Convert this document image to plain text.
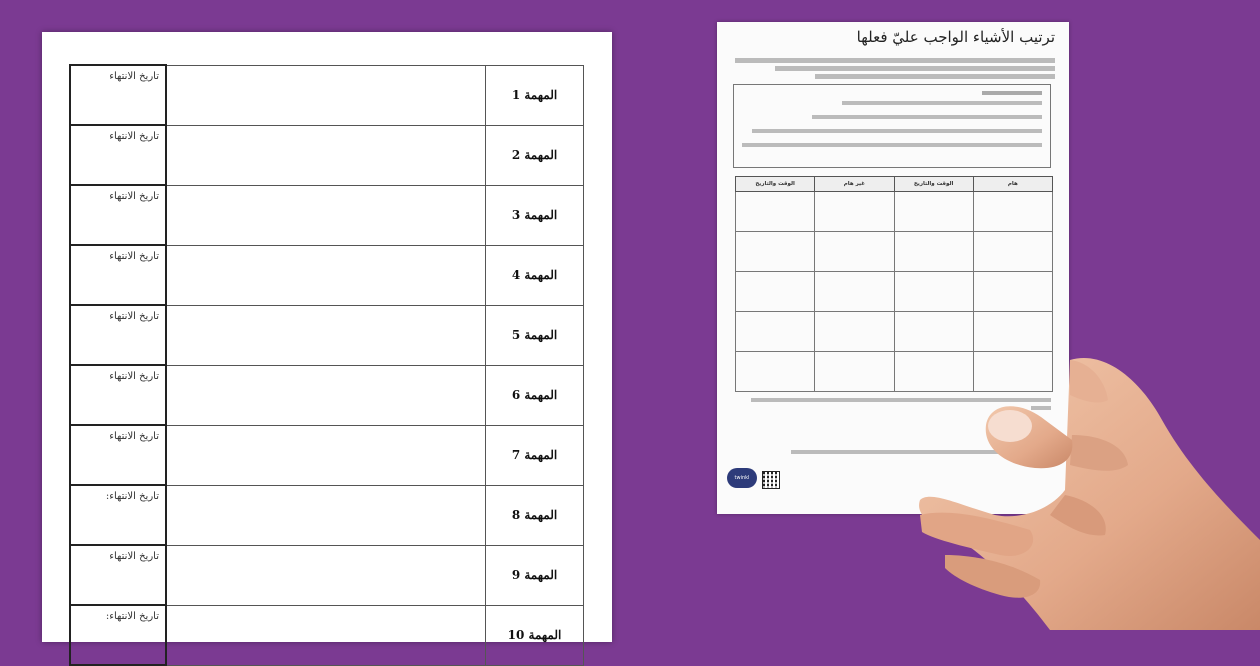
تاريخ الانتهاء		المهمة 1
تاريخ الانتهاء		المهمة 2
تاريخ الانتهاء		المهمة 3
تاريخ الانتهاء		المهمة 4
تاريخ الانتهاء		المهمة 5
تاريخ الانتهاء		المهمة 6
تاريخ الانتهاء		المهمة 7
تاريخ الانتهاء:		المهمة 8
تاريخ الانتهاء		المهمة 9
تاريخ الانتهاء:		المهمة 10
ترتيب الأشياء الواجب عليّ فعلها
الوقت والتاريخ	غير هام	الوقت والتاريخ	هام

twinkl
